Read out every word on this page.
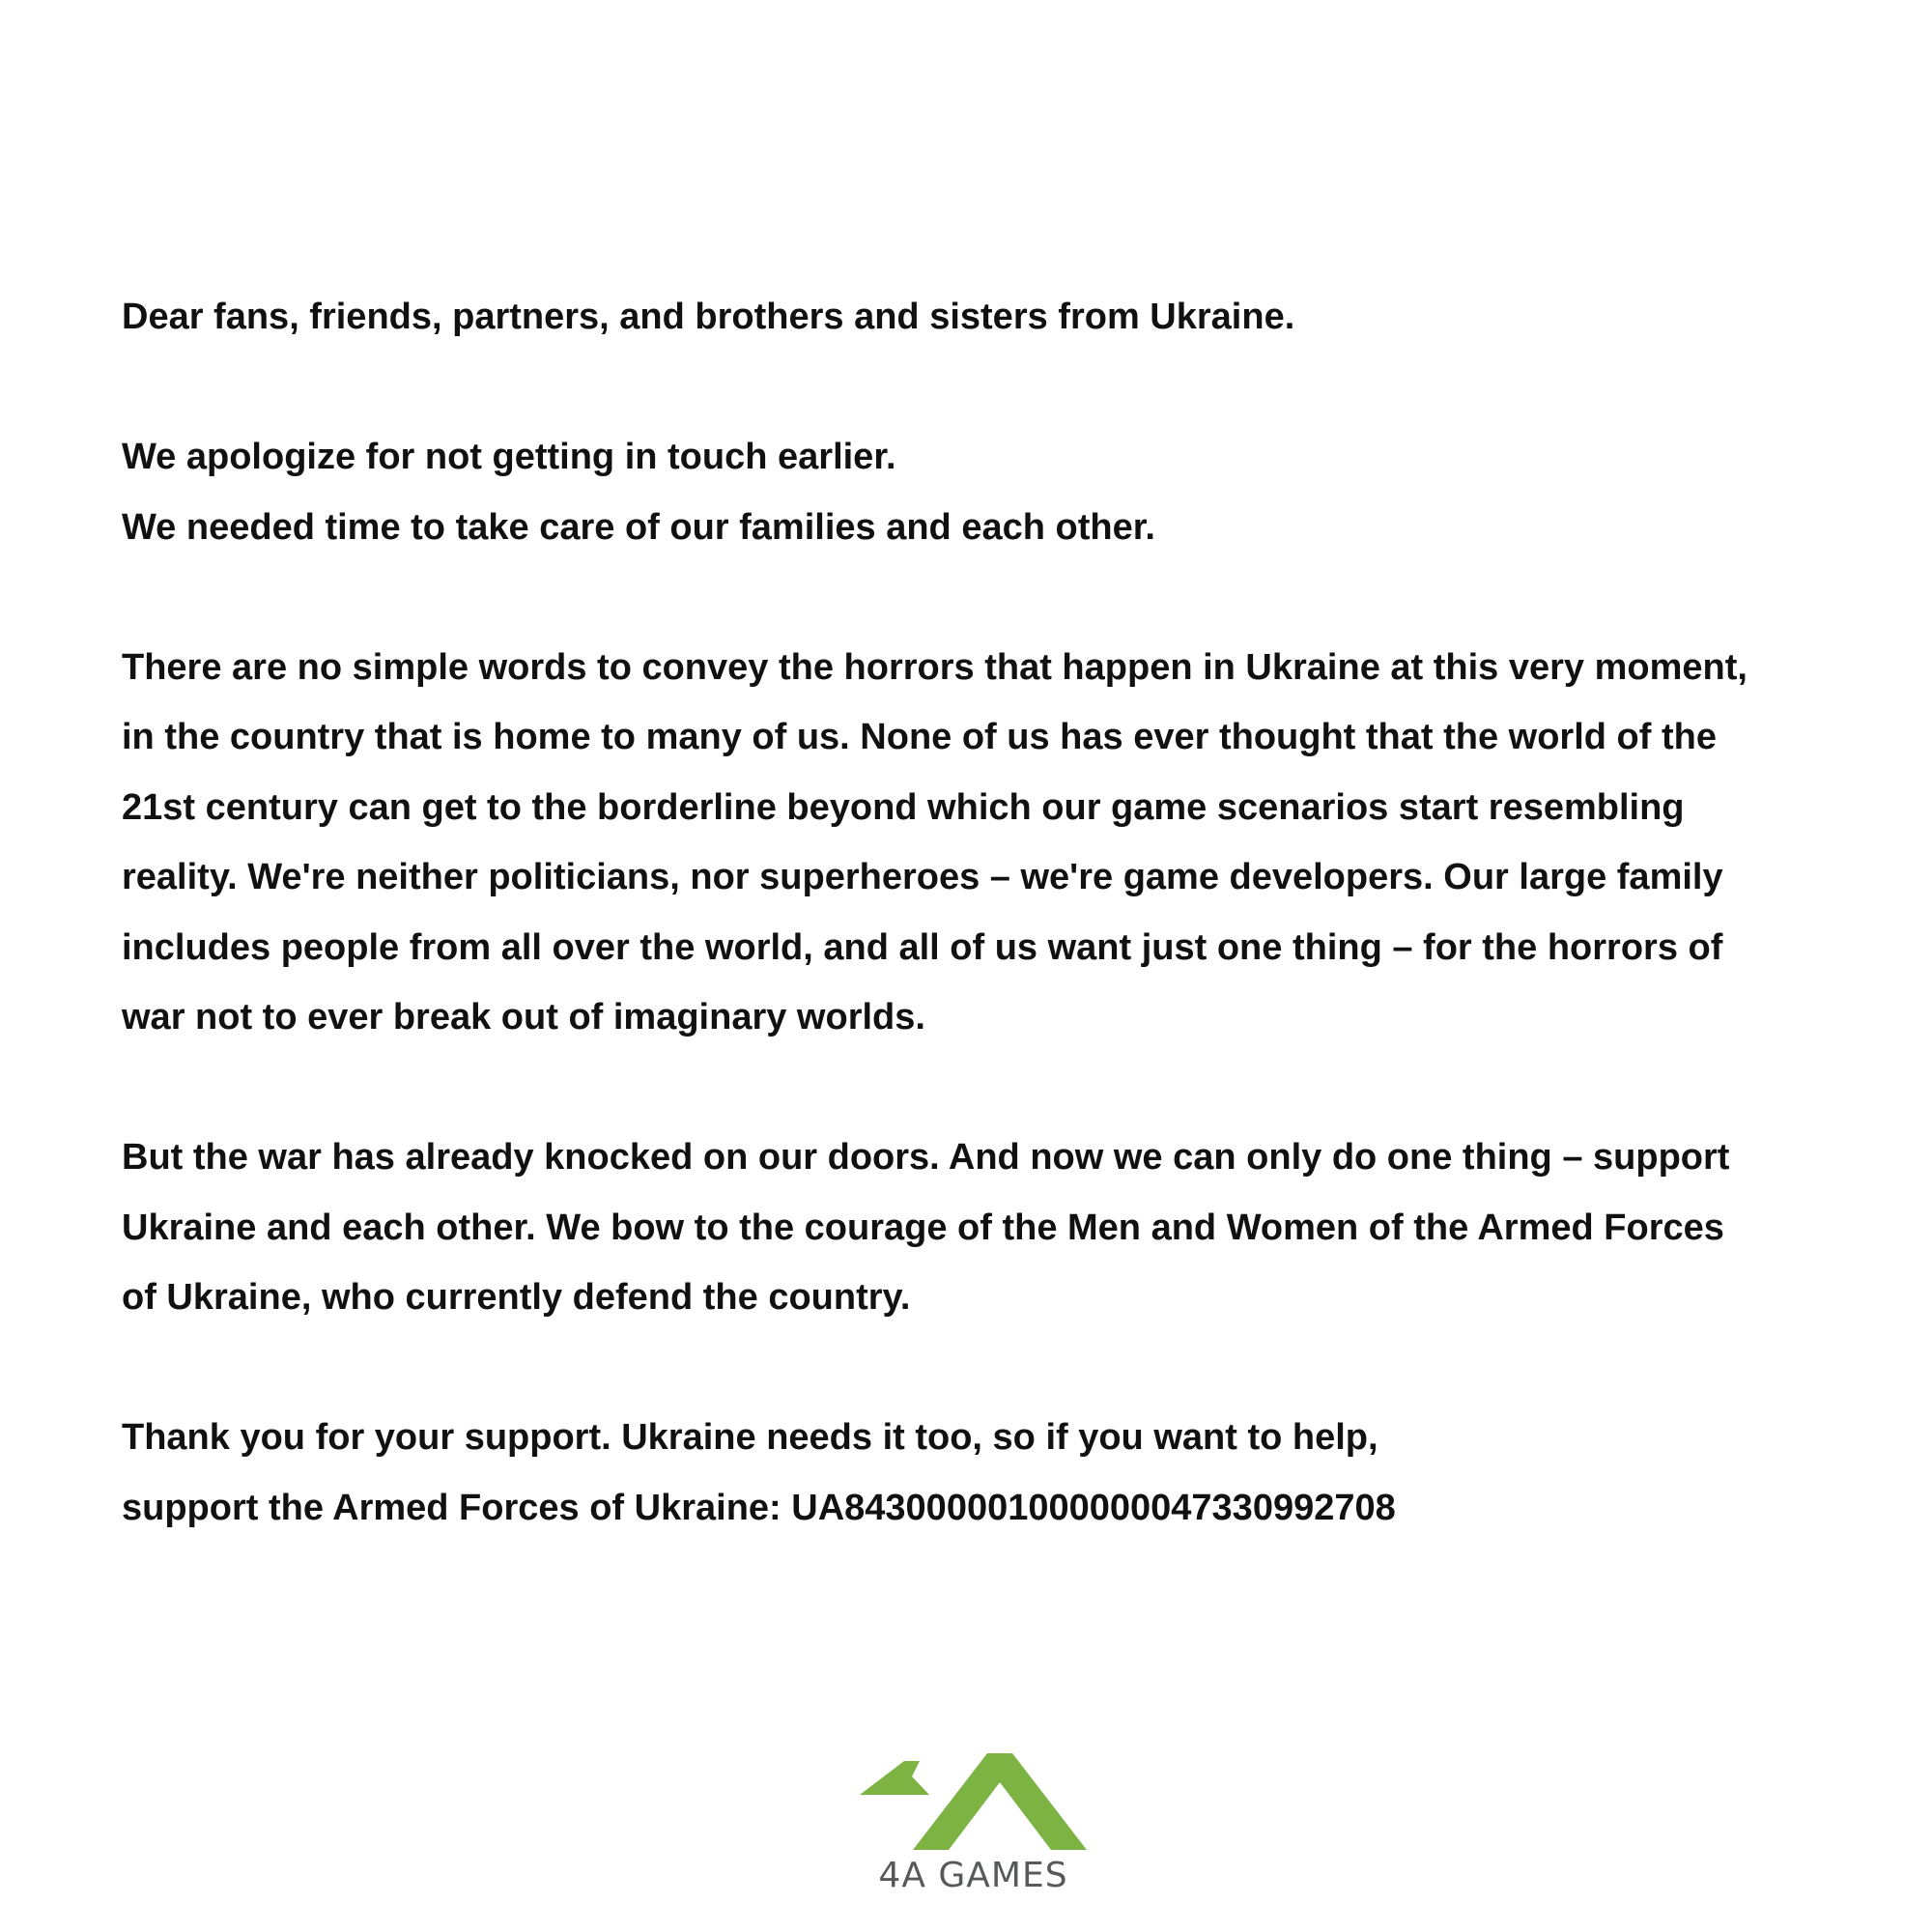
Dear fans, friends, partners, and brothers and sisters from Ukraine.

We apologize for not getting in touch earlier.
We needed time to take care of our families and each other.

There are no simple words to convey the horrors that happen in Ukraine at this very moment,
in the country that is home to many of us. None of us has ever thought that the world of the
21st century can get to the borderline beyond which our game scenarios start resembling
reality. We're neither politicians, nor superheroes – we're game developers. Our large family
includes people from all over the world, and all of us want just one thing – for the horrors of
war not to ever break out of imaginary worlds.

But the war has already knocked on our doors. And now we can only do one thing – support
Ukraine and each other. We bow to the courage of the Men and Women of the Armed Forces
of Ukraine, who currently defend the country.

Thank you for your support. Ukraine needs it too, so if you want to help,
support the Armed Forces of Ukraine: UA843000001000000047330992708

4A GAMES
